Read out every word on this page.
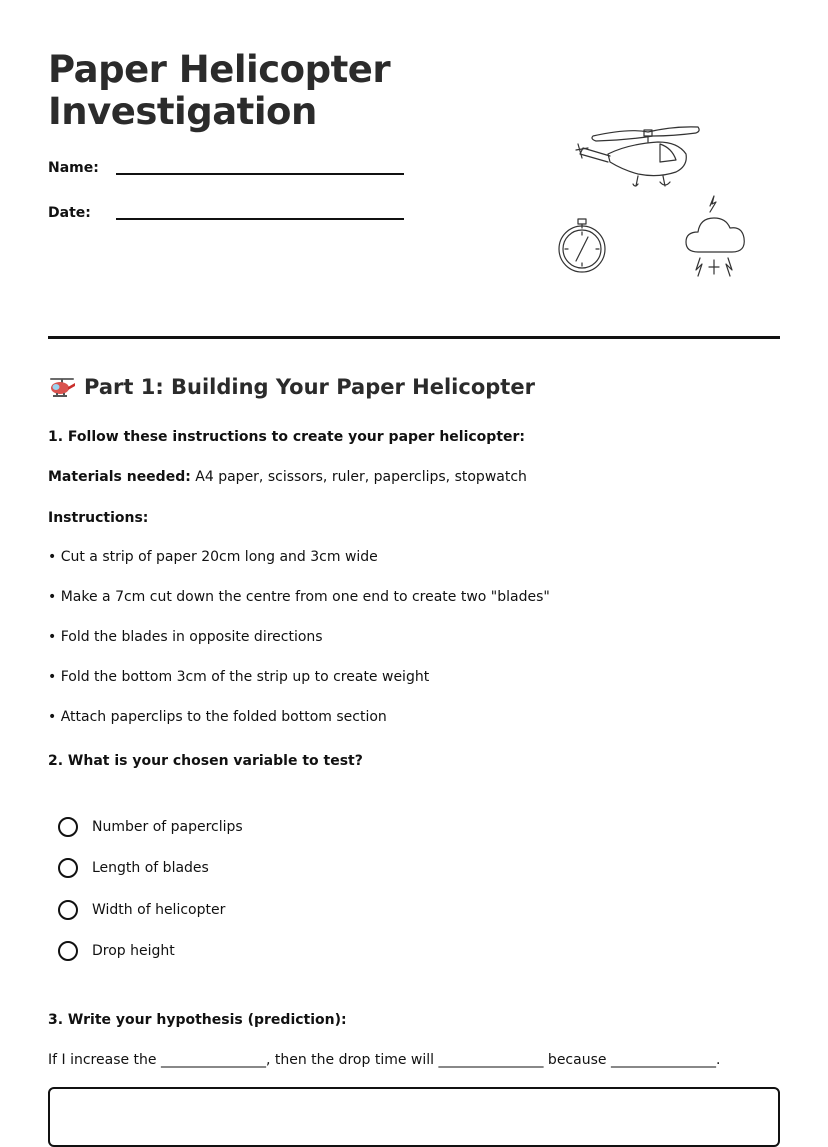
Paper Helicopter Investigation
Name:
Date:
Part 1: Building Your Paper Helicopter
1. Follow these instructions to create your paper helicopter:
Materials needed: A4 paper, scissors, ruler, paperclips, stopwatch
Instructions:
• Cut a strip of paper 20cm long and 3cm wide
• Make a 7cm cut down the centre from one end to create two "blades"
• Fold the blades in opposite directions
• Fold the bottom 3cm of the strip up to create weight
• Attach paperclips to the folded bottom section
2. What is your chosen variable to test?
Number of paperclips
Length of blades
Width of helicopter
Drop height
3. Write your hypothesis (prediction):
If I increase the _______________, then the drop time will _______________ because _______________.
